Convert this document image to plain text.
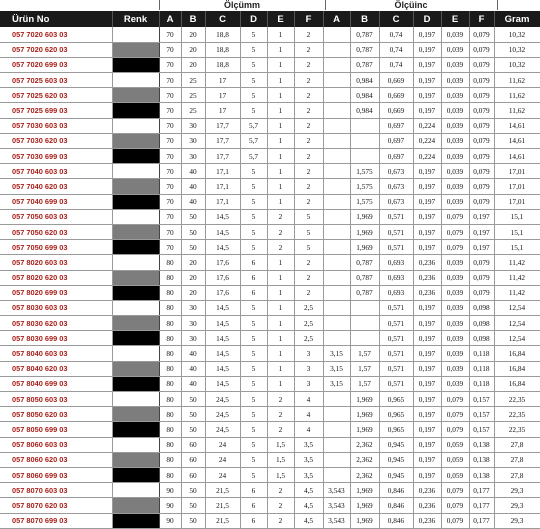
Ölçümm	Ölçüinc
Ürün No	Renk	A	B	C	D	E	F	A	B	C	D	E	F	Gram
057 7020 603 03		70	20	18,8	5	1	2		0,787	0,74	0,197	0,039	0,079	10,32
057 7020 620 03		70	20	18,8	5	1	2		0,787	0,74	0,197	0,039	0,079	10,32
057 7020 699 03		70	20	18,8	5	1	2		0,787	0,74	0,197	0,039	0,079	10,32
057 7025 603 03		70	25	17	5	1	2		0,984	0,669	0,197	0,039	0,079	11,62
057 7025 620 03		70	25	17	5	1	2		0,984	0,669	0,197	0,039	0,079	11,62
057 7025 699 03		70	25	17	5	1	2		0,984	0,669	0,197	0,039	0,079	11,62
057 7030 603 03		70	30	17,7	5,7	1	2			0,697	0,224	0,039	0,079	14,61
057 7030 620 03		70	30	17,7	5,7	1	2			0,697	0,224	0,039	0,079	14,61
057 7030 699 03		70	30	17,7	5,7	1	2			0,697	0,224	0,039	0,079	14,61
057 7040 603 03		70	40	17,1	5	1	2		1,575	0,673	0,197	0,039	0,079	17,01
057 7040 620 03		70	40	17,1	5	1	2		1,575	0,673	0,197	0,039	0,079	17,01
057 7040 699 03		70	40	17,1	5	1	2		1,575	0,673	0,197	0,039	0,079	17,01
057 7050 603 03		70	50	14,5	5	2	5		1,969	0,571	0,197	0,079	0,197	15,1
057 7050 620 03		70	50	14,5	5	2	5		1,969	0,571	0,197	0,079	0,197	15,1
057 7050 699 03		70	50	14,5	5	2	5		1,969	0,571	0,197	0,079	0,197	15,1
057 8020 603 03		80	20	17,6	6	1	2		0,787	0,693	0,236	0,039	0,079	11,42
057 8020 620 03		80	20	17,6	6	1	2		0,787	0,693	0,236	0,039	0,079	11,42
057 8020 699 03		80	20	17,6	6	1	2		0,787	0,693	0,236	0,039	0,079	11,42
057 8030 603 03		80	30	14,5	5	1	2,5			0,571	0,197	0,039	0,098	12,54
057 8030 620 03		80	30	14,5	5	1	2,5			0,571	0,197	0,039	0,098	12,54
057 8030 699 03		80	30	14,5	5	1	2,5			0,571	0,197	0,039	0,098	12,54
057 8040 603 03		80	40	14,5	5	1	3	3,15	1,57	0,571	0,197	0,039	0,118	16,84
057 8040 620 03		80	40	14,5	5	1	3	3,15	1,57	0,571	0,197	0,039	0,118	16,84
057 8040 699 03		80	40	14,5	5	1	3	3,15	1,57	0,571	0,197	0,039	0,118	16,84
057 8050 603 03		80	50	24,5	5	2	4		1,969	0,965	0,197	0,079	0,157	22,35
057 8050 620 03		80	50	24,5	5	2	4		1,969	0,965	0,197	0,079	0,157	22,35
057 8050 699 03		80	50	24,5	5	2	4		1,969	0,965	0,197	0,079	0,157	22,35
057 8060 603 03		80	60	24	5	1,5	3,5		2,362	0,945	0,197	0,059	0,138	27,8
057 8060 620 03		80	60	24	5	1,5	3,5		2,362	0,945	0,197	0,059	0,138	27,8
057 8060 699 03		80	60	24	5	1,5	3,5		2,362	0,945	0,197	0,059	0,138	27,8
057 8070 603 03		90	50	21,5	6	2	4,5	3,543	1,969	0,846	0,236	0,079	0,177	29,3
057 8070 620 03		90	50	21,5	6	2	4,5	3,543	1,969	0,846	0,236	0,079	0,177	29,3
057 8070 699 03		90	50	21,5	6	2	4,5	3,543	1,969	0,846	0,236	0,079	0,177	29,3
